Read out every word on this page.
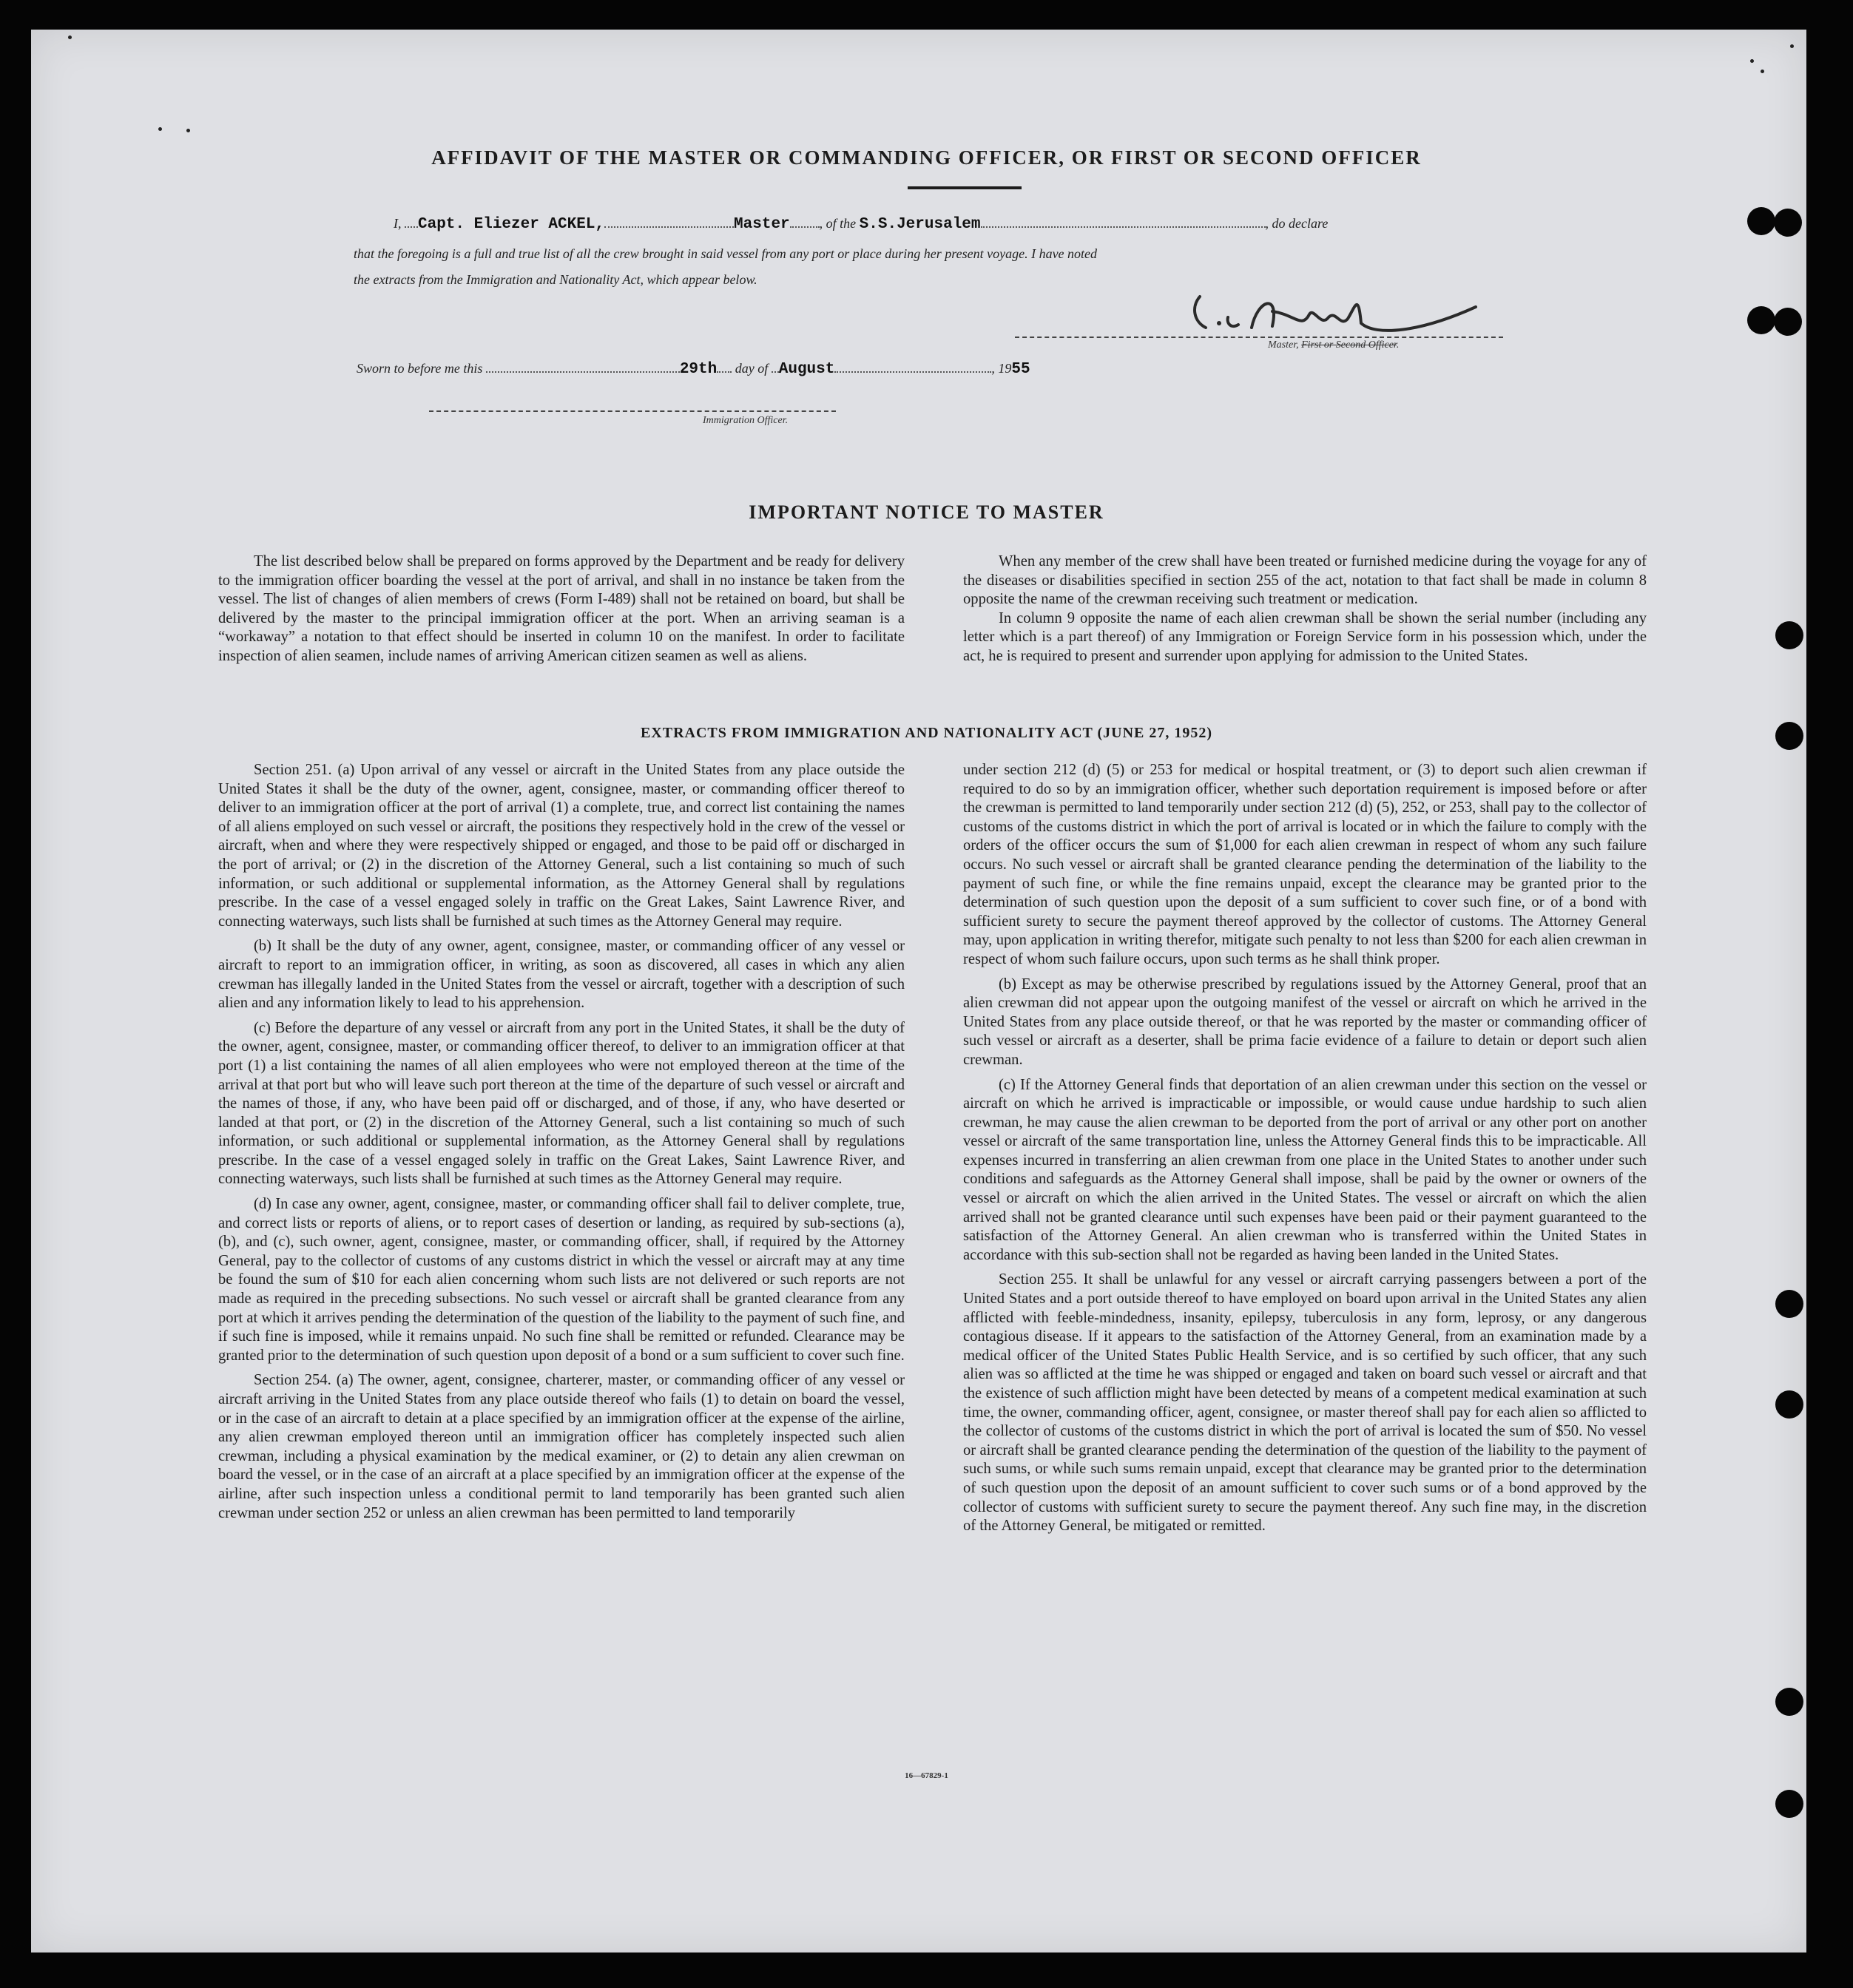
AFFIDAVIT OF THE MASTER OR COMMANDING OFFICER, OR FIRST OR SECOND OFFICER
I, Capt. Eliezer ACKEL,	Master , of the S.S.Jerusalem	, do declare
that the foregoing is a full and true list of all the crew brought in said vessel from any port or place during her present voyage. I have noted
the extracts from the Immigration and Nationality Act, which appear below.
Master, First or Second Officer.
Sworn to before me this	29th day of August	, 1955
Immigration Officer.
IMPORTANT NOTICE TO MASTER

The list described below shall be prepared on forms approved by the Department and be ready for delivery to the immigration officer boarding the vessel at the port of arrival, and shall in no instance be taken from the vessel. The list of changes of alien members of crews (Form I-489) shall not be retained on board, but shall be delivered by the master to the principal immigration officer at the port. When an arriving seaman is a “workaway” a notation to that effect should be inserted in column 10 on the manifest. In order to facilitate inspection of alien seamen, include names of arriving American citizen seamen as well as aliens.

When any member of the crew shall have been treated or furnished medicine during the voyage for any of the diseases or disabilities specified in section 255 of the act, notation to that fact shall be made in column 8 opposite the name of the crewman receiving such treatment or medication.

In column 9 opposite the name of each alien crewman shall be shown the serial number (including any letter which is a part thereof) of any Immigration or Foreign Service form in his possession which, under the act, he is required to present and surrender upon applying for admission to the United States.

EXTRACTS FROM IMMIGRATION AND NATIONALITY ACT (JUNE 27, 1952)

Section 251. (a) Upon arrival of any vessel or aircraft in the United States from any place outside the United States it shall be the duty of the owner, agent, consignee, master, or commanding officer thereof to deliver to an immigration officer at the port of arrival (1) a complete, true, and correct list containing the names of all aliens employed on such vessel or aircraft, the positions they respectively hold in the crew of the vessel or aircraft, when and where they were respectively shipped or engaged, and those to be paid off or discharged in the port of arrival; or (2) in the discretion of the Attorney General, such a list containing so much of such information, or such additional or supplemental information, as the Attorney General shall by regulations prescribe. In the case of a vessel engaged solely in traffic on the Great Lakes, Saint Lawrence River, and connecting waterways, such lists shall be furnished at such times as the Attorney General may require.

(b) It shall be the duty of any owner, agent, consignee, master, or commanding officer of any vessel or aircraft to report to an immigration officer, in writing, as soon as discovered, all cases in which any alien crewman has illegally landed in the United States from the vessel or aircraft, together with a description of such alien and any information likely to lead to his apprehension.

(c) Before the departure of any vessel or aircraft from any port in the United States, it shall be the duty of the owner, agent, consignee, master, or commanding officer thereof, to deliver to an immigration officer at that port (1) a list containing the names of all alien employees who were not employed thereon at the time of the arrival at that port but who will leave such port thereon at the time of the departure of such vessel or aircraft and the names of those, if any, who have been paid off or discharged, and of those, if any, who have deserted or landed at that port, or (2) in the discretion of the Attorney General, such a list containing so much of such information, or such additional or supplemental information, as the Attorney General shall by regulations prescribe. In the case of a vessel engaged solely in traffic on the Great Lakes, Saint Lawrence River, and connecting waterways, such lists shall be furnished at such times as the Attorney General may require.

(d) In case any owner, agent, consignee, master, or commanding officer shall fail to deliver complete, true, and correct lists or reports of aliens, or to report cases of desertion or landing, as required by sub-sections (a), (b), and (c), such owner, agent, consignee, master, or commanding officer, shall, if required by the Attorney General, pay to the collector of customs of any customs district in which the vessel or aircraft may at any time be found the sum of $10 for each alien concerning whom such lists are not delivered or such reports are not made as required in the preceding subsections. No such vessel or aircraft shall be granted clearance from any port at which it arrives pending the determination of the question of the liability to the payment of such fine, and if such fine is imposed, while it remains unpaid. No such fine shall be remitted or refunded. Clearance may be granted prior to the determination of such question upon deposit of a bond or a sum sufficient to cover such fine.

Section 254. (a) The owner, agent, consignee, charterer, master, or commanding officer of any vessel or aircraft arriving in the United States from any place outside thereof who fails (1) to detain on board the vessel, or in the case of an aircraft to detain at a place specified by an immigration officer at the expense of the airline, any alien crewman employed thereon until an immigration officer has completely inspected such alien crewman, including a physical examination by the medical examiner, or (2) to detain any alien crewman on board the vessel, or in the case of an aircraft at a place specified by an immigration officer at the expense of the airline, after such inspection unless a conditional permit to land temporarily has been granted such alien crewman under section 252 or unless an alien crewman has been permitted to land temporarily

under section 212 (d) (5) or 253 for medical or hospital treatment, or (3) to deport such alien crewman if required to do so by an immigration officer, whether such deportation requirement is imposed before or after the crewman is permitted to land temporarily under section 212 (d) (5), 252, or 253, shall pay to the collector of customs of the customs district in which the port of arrival is located or in which the failure to comply with the orders of the officer occurs the sum of $1,000 for each alien crewman in respect of whom any such failure occurs. No such vessel or aircraft shall be granted clearance pending the determination of the liability to the payment of such fine, or while the fine remains unpaid, except the clearance may be granted prior to the determination of such question upon the deposit of a sum sufficient to cover such fine, or of a bond with sufficient surety to secure the payment thereof approved by the collector of customs. The Attorney General may, upon application in writing therefor, mitigate such penalty to not less than $200 for each alien crewman in respect of whom such failure occurs, upon such terms as he shall think proper.

(b) Except as may be otherwise prescribed by regulations issued by the Attorney General, proof that an alien crewman did not appear upon the outgoing manifest of the vessel or aircraft on which he arrived in the United States from any place outside thereof, or that he was reported by the master or commanding officer of such vessel or aircraft as a deserter, shall be prima facie evidence of a failure to detain or deport such alien crewman.

(c) If the Attorney General finds that deportation of an alien crewman under this section on the vessel or aircraft on which he arrived is impracticable or impossible, or would cause undue hardship to such alien crewman, he may cause the alien crewman to be deported from the port of arrival or any other port on another vessel or aircraft of the same transportation line, unless the Attorney General finds this to be impracticable. All expenses incurred in transferring an alien crewman from one place in the United States to another under such conditions and safeguards as the Attorney General shall impose, shall be paid by the owner or owners of the vessel or aircraft on which the alien arrived in the United States. The vessel or aircraft on which the alien arrived shall not be granted clearance until such expenses have been paid or their payment guaranteed to the satisfaction of the Attorney General. An alien crewman who is transferred within the United States in accordance with this sub-section shall not be regarded as having been landed in the United States.

Section 255. It shall be unlawful for any vessel or aircraft carrying passengers between a port of the United States and a port outside thereof to have employed on board upon arrival in the United States any alien afflicted with feeble-mindedness, insanity, epilepsy, tuberculosis in any form, leprosy, or any dangerous contagious disease. If it appears to the satisfaction of the Attorney General, from an examination made by a medical officer of the United States Public Health Service, and is so certified by such officer, that any such alien was so afflicted at the time he was shipped or engaged and taken on board such vessel or aircraft and that the existence of such affliction might have been detected by means of a competent medical examination at such time, the owner, commanding officer, agent, consignee, or master thereof shall pay for each alien so afflicted to the collector of customs of the customs district in which the port of arrival is located the sum of $50. No vessel or aircraft shall be granted clearance pending the determination of the question of the liability to the payment of such sums, or while such sums remain unpaid, except that clearance may be granted prior to the determination of such question upon the deposit of an amount sufficient to cover such sums or of a bond approved by the collector of customs with sufficient surety to secure the payment thereof. Any such fine may, in the discretion of the Attorney General, be mitigated or remitted.

16—67829-1
